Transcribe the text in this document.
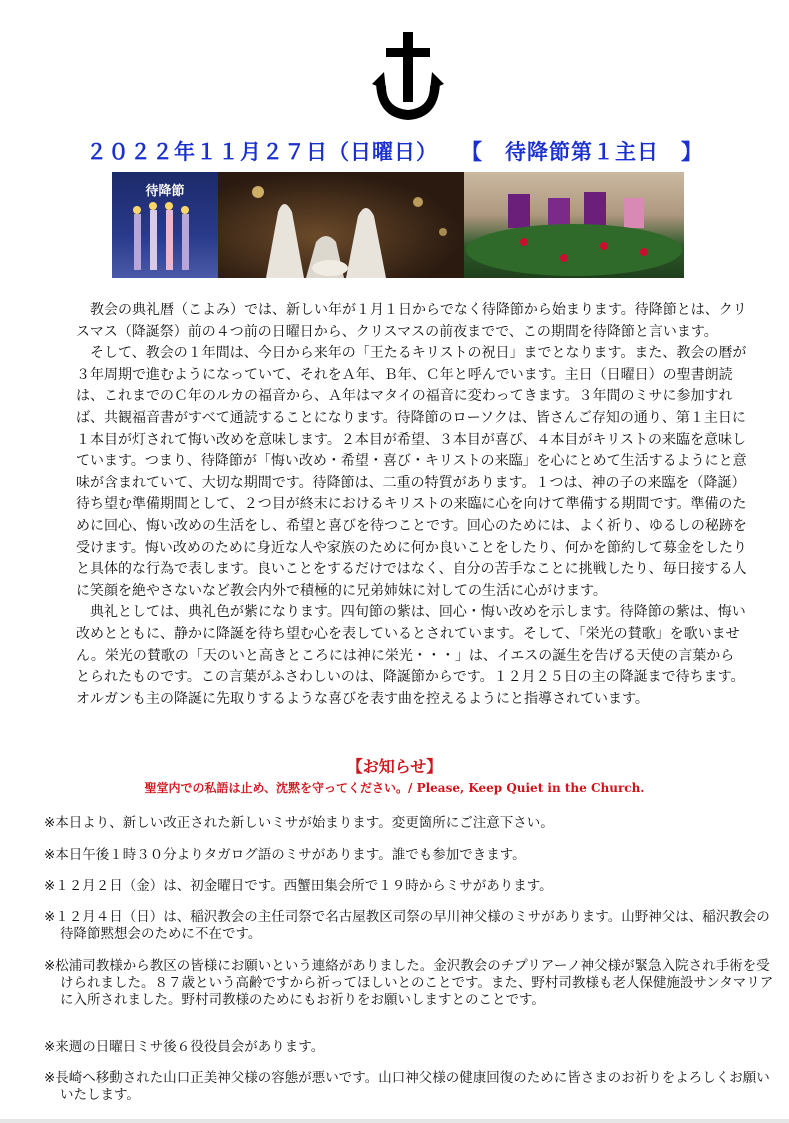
２０２２年１１月２７日（日曜日）　　【　待降節第１主日　】
待降節

教会の典礼暦（こよみ）では、新しい年が１月１日からでなく待降節から始まります。待降節とは、クリスマス（降誕祭）前の４つ前の日曜日から、クリスマスの前夜までで、この期間を待降節と言います。

そして、教会の１年間は、今日から来年の「王たるキリストの祝日」までとなります。また、教会の暦が３年周期で進むようになっていて、それをＡ年、Ｂ年、Ｃ年と呼んでいます。主日（日曜日）の聖書朗読は、これまでのＣ年のルカの福音から、Ａ年はマタイの福音に変わってきます。３年間のミサに参加すれば、共観福音書がすべて通読することになります。待降節のローソクは、皆さんご存知の通り、第１主日に１本目が灯されて悔い改めを意味します。２本目が希望、３本目が喜び、４本目がキリストの来臨を意味しています。つまり、待降節が「悔い改め・希望・喜び・キリストの来臨」を心にとめて生活するようにと意味が含まれていて、大切な期間です。待降節は、二重の特質があります。１つは、神の子の来臨を（降誕）待ち望む準備期間として、２つ目が終末におけるキリストの来臨に心を向けて準備する期間です。準備のために回心、悔い改めの生活をし、希望と喜びを待つことです。回心のためには、よく祈り、ゆるしの秘跡を受けます。悔い改めのために身近な人や家族のために何か良いことをしたり、何かを節約して募金をしたりと具体的な行為で表します。良いことをするだけではなく、自分の苦手なことに挑戦したり、毎日接する人に笑顔を絶やさないなど教会内外で積極的に兄弟姉妹に対しての生活に心がけます。

典礼としては、典礼色が紫になります。四旬節の紫は、回心・悔い改めを示します。待降節の紫は、悔い改めとともに、静かに降誕を待ち望む心を表しているとされています。そして、「栄光の賛歌」を歌いません。栄光の賛歌の「天のいと高きところには神に栄光・・・」は、イエスの誕生を告げる天使の言葉からとられたものです。この言葉がふさわしいのは、降誕節からです。１２月２５日の主の降誕まで待ちます。オルガンも主の降誕に先取りするような喜びを表す曲を控えるようにと指導されています。

【お知らせ】
聖堂内での私語は止め、沈黙を守ってください。/ Please, Keep Quiet in the Church.
※本日より、新しい改正された新しいミサが始まります。変更箇所にご注意下さい。
※本日午後１時３０分よりタガログ語のミサがあります。誰でも参加できます。
※１２月２日（金）は、初金曜日です。西蟹田集会所で１９時からミサがあります。
※１２月４日（日）は、稲沢教会の主任司祭で名古屋教区司祭の早川神父様のミサがあります。山野神父は、稲沢教会の待降節黙想会のために不在です。
※松浦司教様から教区の皆様にお願いという連絡がありました。金沢教会のチプリアーノ神父様が緊急入院され手術を受けられました。８７歳という高齢ですから祈ってほしいとのことです。また、野村司教様も老人保健施設サンタマリアに入所されました。野村司教様のためにもお祈りをお願いしますとのことです。
※来週の日曜日ミサ後６役役員会があります。
※長崎へ移動された山口正美神父様の容態が悪いです。山口神父様の健康回復のために皆さまのお祈りをよろしくお願いいたします。
